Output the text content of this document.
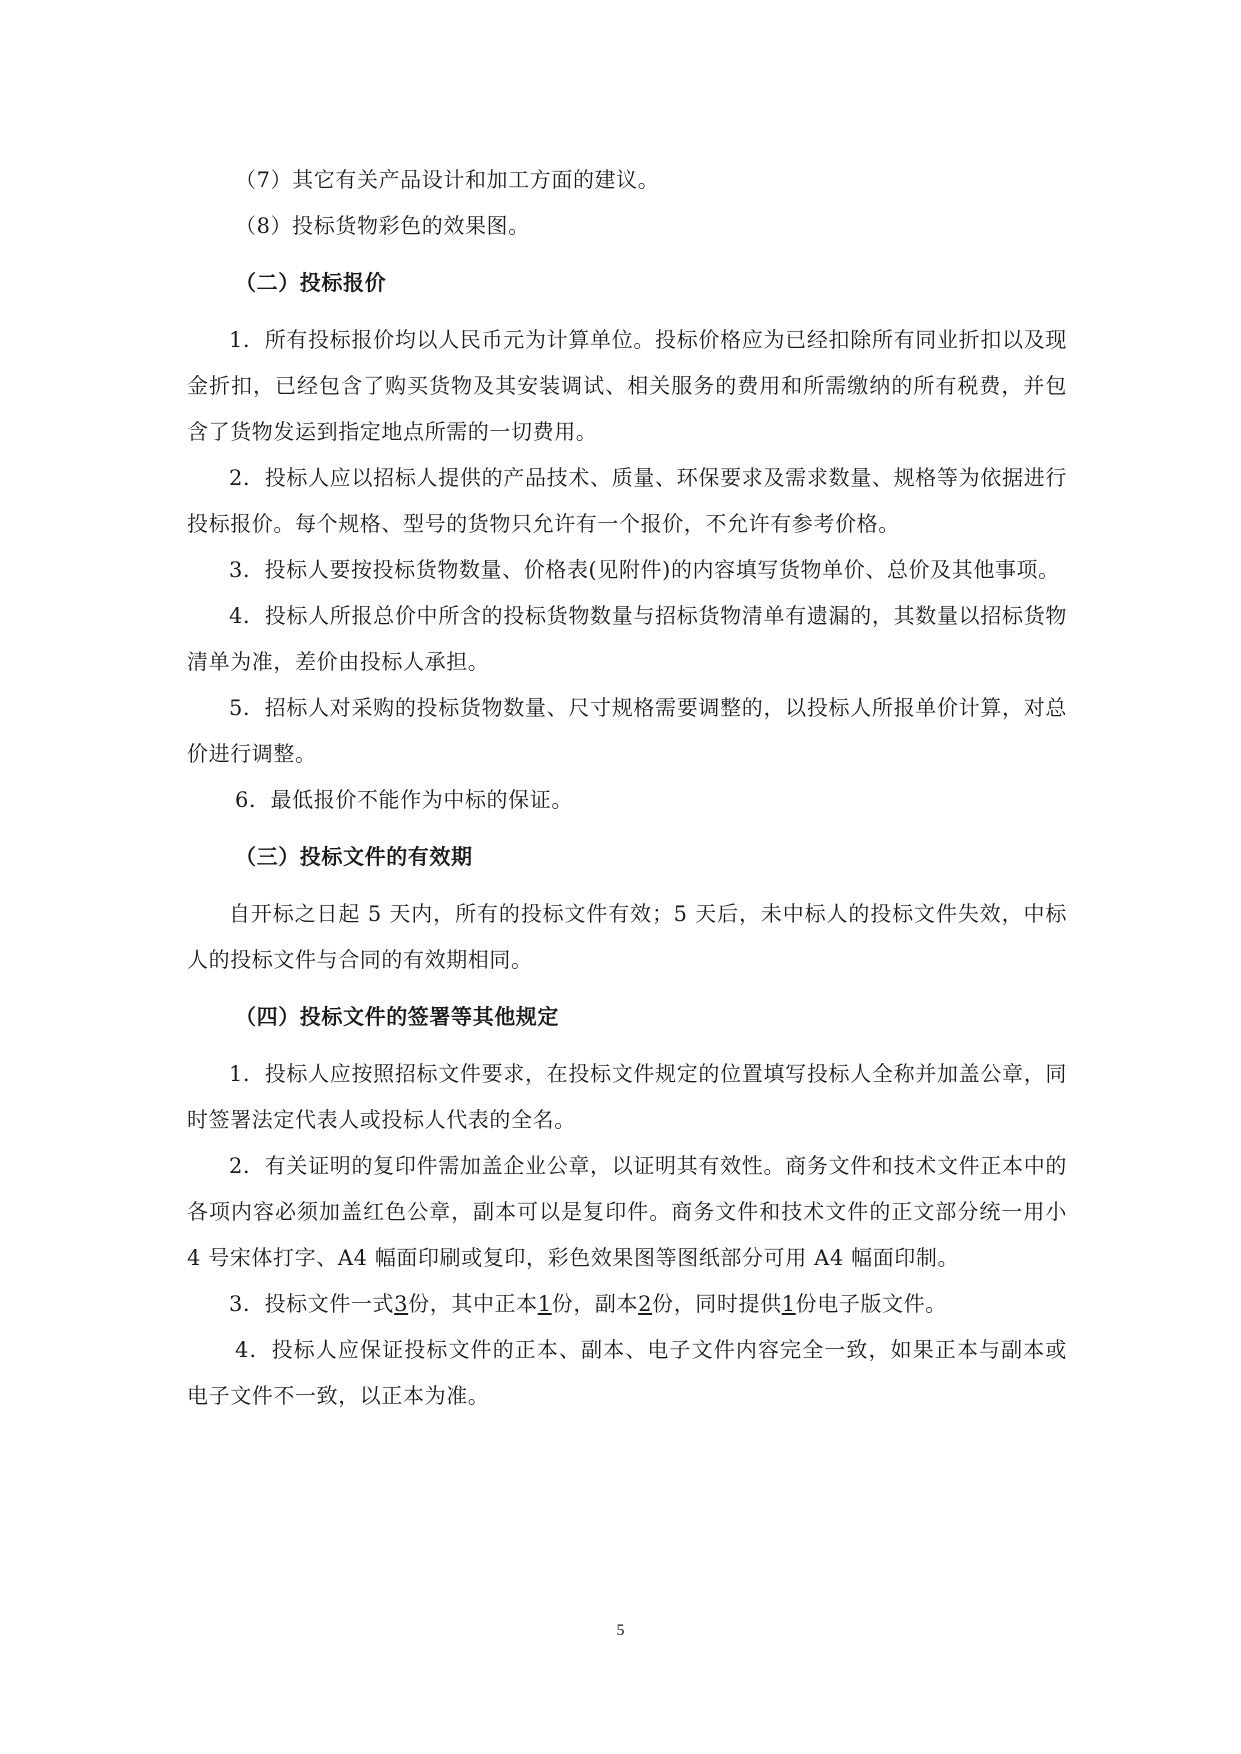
（7）其它有关产品设计和加工方面的建议。
（8）投标货物彩色的效果图。
（二）投标报价

1．所有投标报价均以人民币元为计算单位。投标价格应为已经扣除所有同业折扣以及现金折扣，已经包含了购买货物及其安装调试、相关服务的费用和所需缴纳的所有税费，并包含了货物发运到指定地点所需的一切费用。

2．投标人应以招标人提供的产品技术、质量、环保要求及需求数量、规格等为依据进行投标报价。每个规格、型号的货物只允许有一个报价，不允许有参考价格。

3．投标人要按投标货物数量、价格表(见附件)的内容填写货物单价、总价及其他事项。

4．投标人所报总价中所含的投标货物数量与招标货物清单有遗漏的，其数量以招标货物清单为准，差价由投标人承担。

5．招标人对采购的投标货物数量、尺寸规格需要调整的，以投标人所报单价计算，对总价进行调整。

6．最低报价不能作为中标的保证。

（三）投标文件的有效期

自开标之日起 5 天内，所有的投标文件有效；5 天后，未中标人的投标文件失效，中标人的投标文件与合同的有效期相同。

（四）投标文件的签署等其他规定

1．投标人应按照招标文件要求，在投标文件规定的位置填写投标人全称并加盖公章，同时签署法定代表人或投标人代表的全名。

2．有关证明的复印件需加盖企业公章，以证明其有效性。商务文件和技术文件正本中的各项内容必须加盖红色公章，副本可以是复印件。商务文件和技术文件的正文部分统一用小 4 号宋体打字、A4 幅面印刷或复印，彩色效果图等图纸部分可用 A4 幅面印制。

3．投标文件一式3份，其中正本1份，副本2份，同时提供1份电子版文件。

4．投标人应保证投标文件的正本、副本、电子文件内容完全一致，如果正本与副本或电子文件不一致，以正本为准。

5
